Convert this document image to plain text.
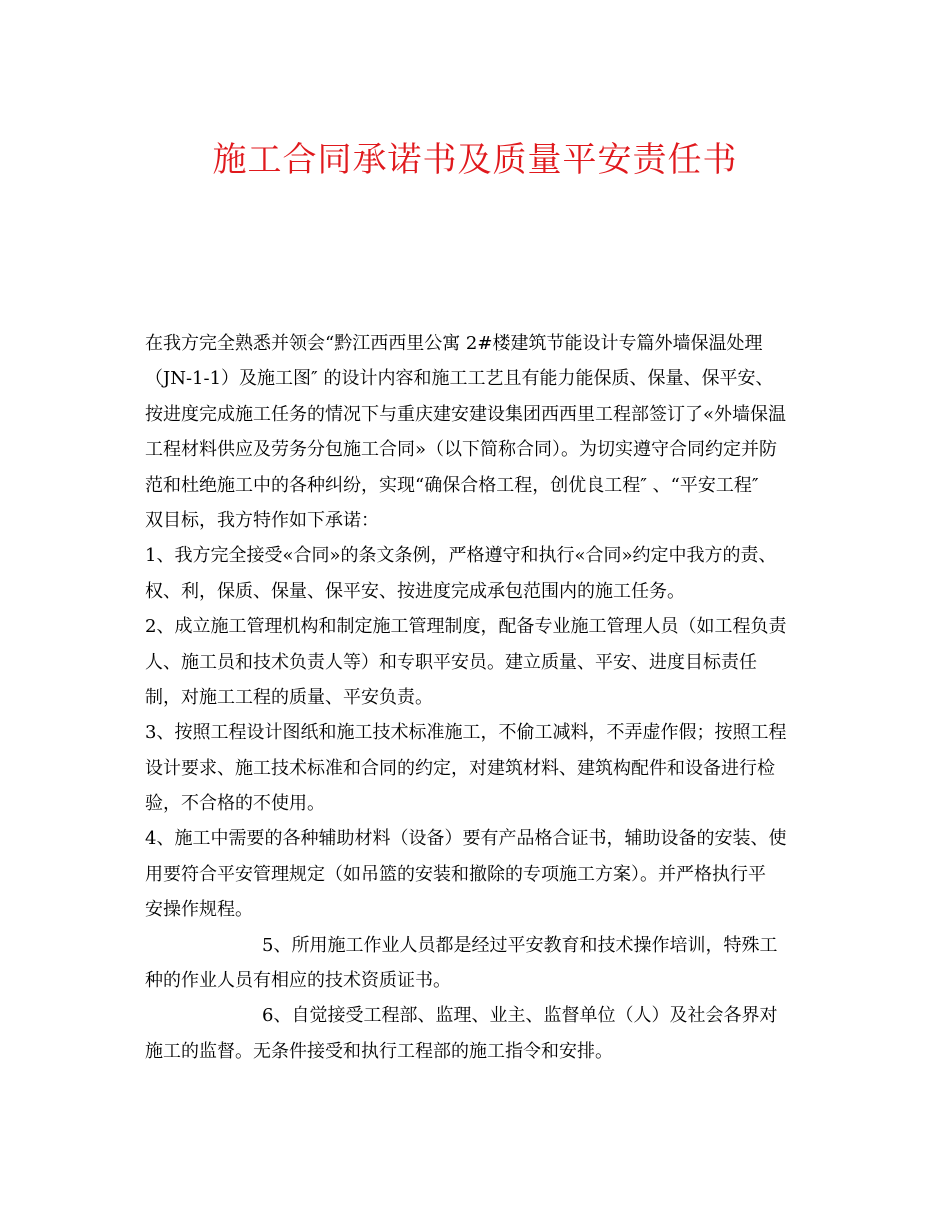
施工合同承诺书及质量平安责任书
在我方完全熟悉并领会“黔江西西里公寓 2#楼建筑节能设计专篇外墙保温处理
（JN-1-1）及施工图″ 的设计内容和施工工艺且有能力能保质、保量、保平安、
按进度完成施工任务的情况下与重庆建安建设集团西西里工程部签订了«外墙保温
工程材料供应及劳务分包施工合同»（以下简称合同）。为切实遵守合同约定并防
范和杜绝施工中的各种纠纷，实现“确保合格工程，创优良工程″ 、“平安工程″
双目标，我方特作如下承诺：
1、我方完全接受«合同»的条文条例，严格遵守和执行«合同»约定中我方的责、
权、利，保质、保量、保平安、按进度完成承包范围内的施工任务。
2、成立施工管理机构和制定施工管理制度，配备专业施工管理人员（如工程负责
人、施工员和技术负责人等）和专职平安员。建立质量、平安、进度目标责任
制，对施工工程的质量、平安负责。
3、按照工程设计图纸和施工技术标准施工，不偷工减料，不弄虚作假；按照工程
设计要求、施工技术标准和合同的约定，对建筑材料、建筑构配件和设备进行检
验，不合格的不使用。
4、施工中需要的各种辅助材料（设备）要有产品格合证书，辅助设备的安装、使
用要符合平安管理规定（如吊篮的安装和撤除的专项施工方案）。并严格执行平
安操作规程。
5、所用施工作业人员都是经过平安教育和技术操作培训，特殊工
种的作业人员有相应的技术资质证书。
6、自觉接受工程部、监理、业主、监督单位（人）及社会各界对
施工的监督。无条件接受和执行工程部的施工指令和安排。
